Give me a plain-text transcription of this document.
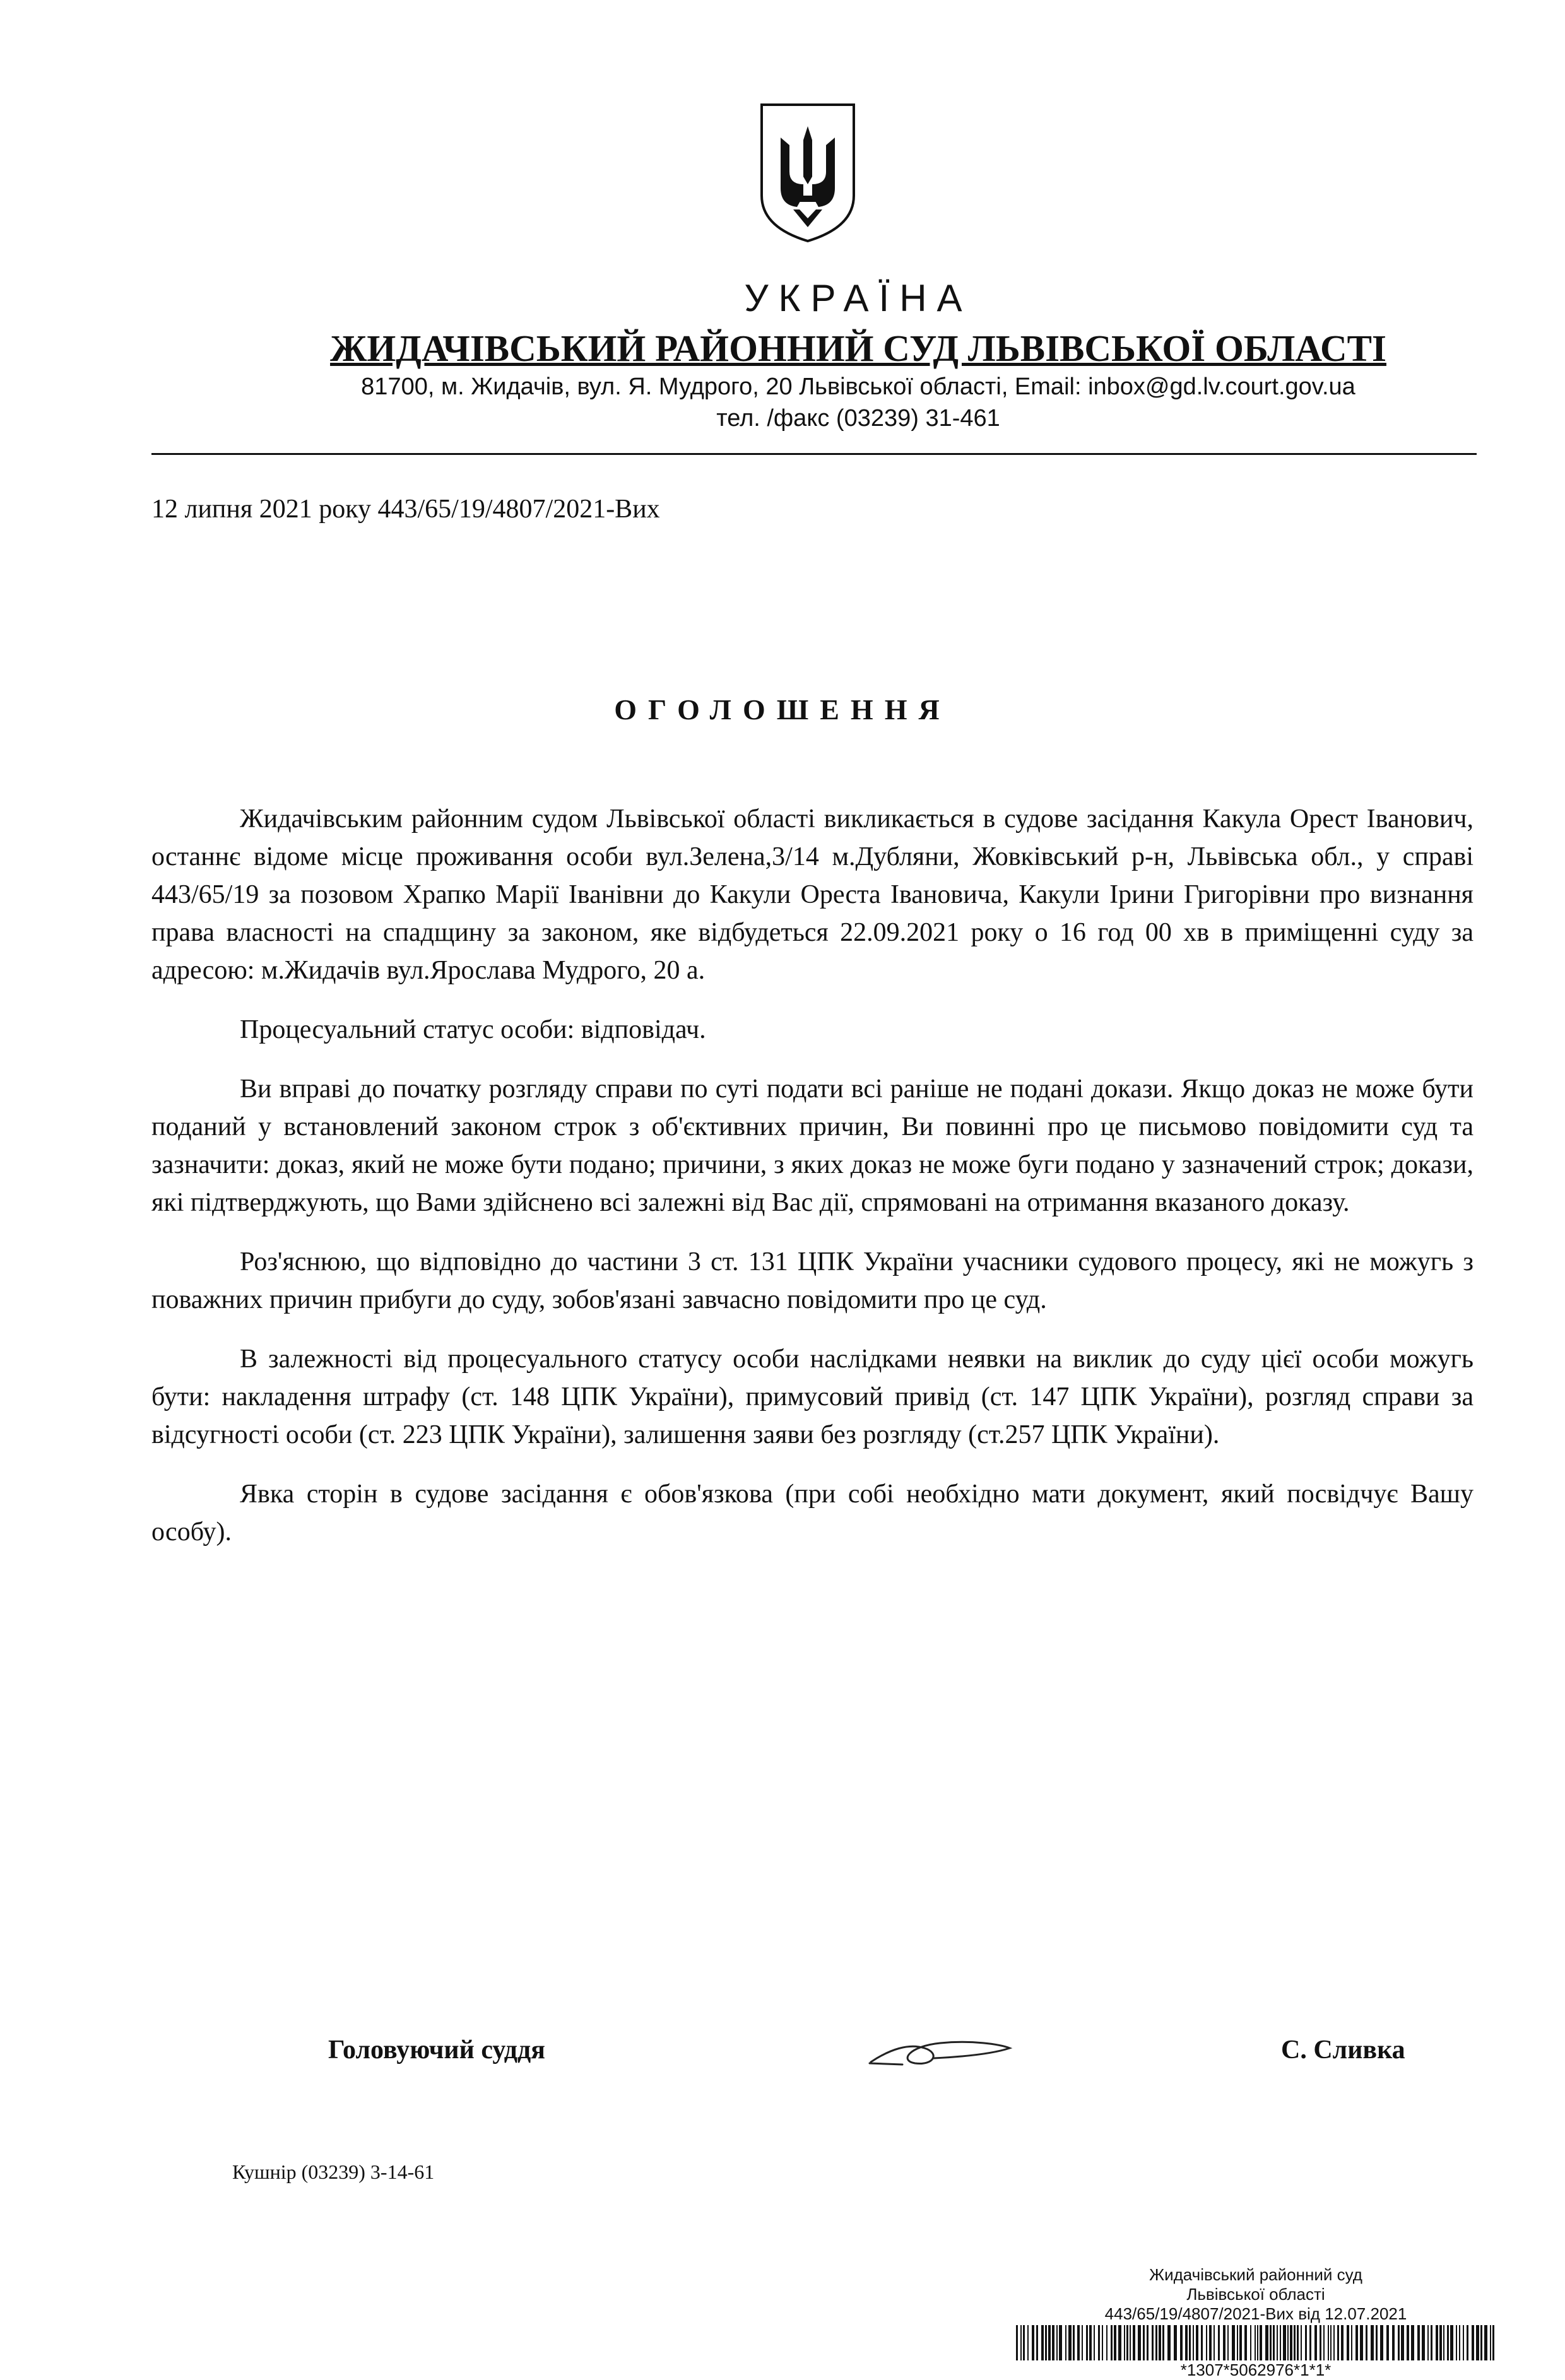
УКРАЇНА
ЖИДАЧІВСЬКИЙ РАЙОННИЙ СУД ЛЬВІВСЬКОЇ ОБЛАСТІ
81700, м. Жидачів, вул. Я. Мудрого, 20 Львівської області, Email: inbox@gd.lv.court.gov.ua
тел. /факс (03239) 31-461
12 липня 2021 року 443/65/19/4807/2021-Вих
ОГОЛОШЕННЯ

Жидачівським районним судом Львівської області викликається в судове засідання Какула Орест Іванович, останнє відоме місце проживання особи вул.Зелена,3/14 м.Дубляни, Жовківський р-н, Львівська обл., у справі 443/65/19 за позовом Храпко Марії Іванівни до Какули Ореста Івановича, Какули Ірини Григорівни про визнання права власності на спадщину за законом, яке відбудеться 22.09.2021 року о 16 год 00 хв в приміщенні суду за адресою: м.Жидачів вул.Ярослава Мудрого, 20 а.

Процесуальний статус особи: відповідач.

Ви вправі до початку розгляду справи по суті подати всі раніше не подані докази. Якщо доказ не може бути поданий у встановлений законом строк з об'єктивних причин, Ви повинні про це письмово повідомити суд та зазначити: доказ, який не може бути подано; причини, з яких доказ не може буги подано у зазначений строк; докази, які підтверджують, що Вами здійснено всі залежні від Вас дії, спрямовані на отримання вказаного доказу.

Роз'яснюю, що відповідно до частини 3 ст. 131 ЦПК України учасники судового процесу, які не можугь з поважних причин прибуги до суду, зобов'язані завчасно повідомити про це суд.

В залежності від процесуального статусу особи наслідками неявки на виклик до суду цієї особи можугь бути: накладення штрафу (ст. 148 ЦПК України), примусовий привід (ст. 147 ЦПК України), розгляд справи за відсугності особи (ст. 223 ЦПК України), залишення заяви без розгляду (ст.257 ЦПК України).

Явка сторін в судове засідання є обов'язкова (при собі необхідно мати документ, який посвідчує Вашу особу).

Головуючий суддя	С. Сливка
Кушнір (03239) 3-14-61
Жидачівський районний суд
Львівської області
443/65/19/4807/2021-Вих від 12.07.2021
*1307*5062976*1*1*
